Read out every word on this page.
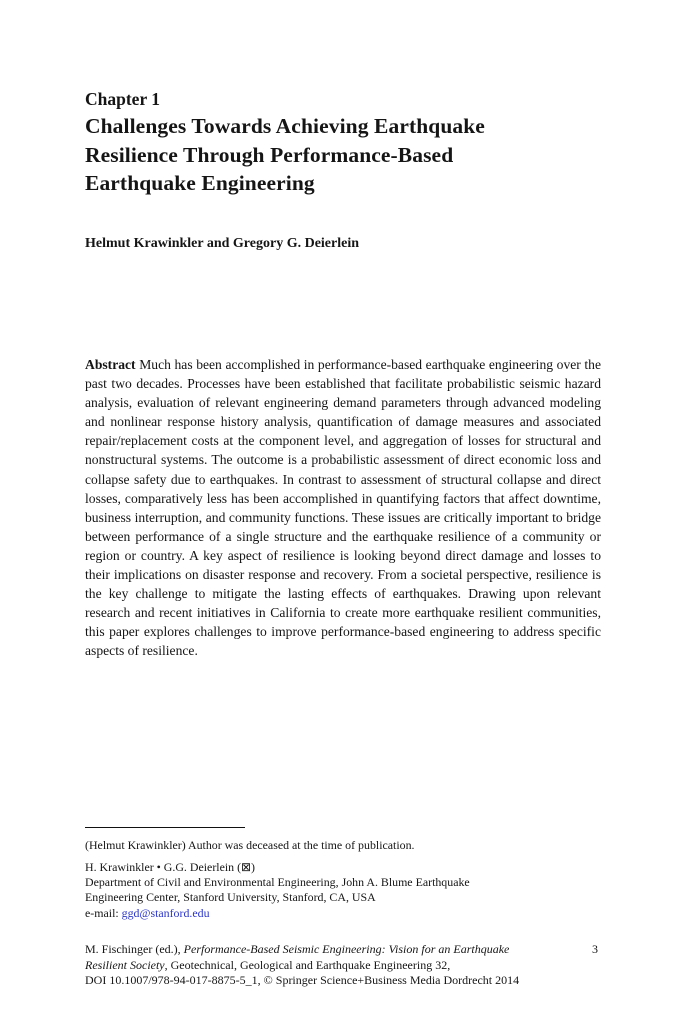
Chapter 1
Challenges Towards Achieving Earthquake
Resilience Through Performance-Based
Earthquake Engineering
Helmut Krawinkler and Gregory G. Deierlein

Abstract Much has been accomplished in performance-based earthquake engineering over the past two decades. Processes have been established that facilitate probabilistic seismic hazard analysis, evaluation of relevant engineering demand parameters through advanced modeling and nonlinear response history analysis, quantification of damage measures and associated repair/replacement costs at the component level, and aggregation of losses for structural and nonstructural systems. The outcome is a probabilistic assessment of direct economic loss and collapse safety due to earthquakes. In contrast to assessment of structural collapse and direct losses, comparatively less has been accomplished in quantifying factors that affect downtime, business interruption, and community functions. These issues are critically important to bridge between performance of a single structure and the earthquake resilience of a community or region or country. A key aspect of resilience is looking beyond direct damage and losses to their implications on disaster response and recovery. From a societal perspective, resilience is the key challenge to mitigate the lasting effects of earthquakes. Drawing upon relevant research and recent initiatives in California to create more earthquake resilient communities, this paper explores challenges to improve performance-based engineering to address specific aspects of resilience.

(Helmut Krawinkler) Author was deceased at the time of publication.
H. Krawinkler • G.G. Deierlein (⊠)
Department of Civil and Environmental Engineering, John A. Blume Earthquake
Engineering Center, Stanford University, Stanford, CA, USA
e-mail: ggd@stanford.edu
M. Fischinger (ed.), Performance-Based Seismic Engineering: Vision for an Earthquake
Resilient Society, Geotechnical, Geological and Earthquake Engineering 32,
DOI 10.1007/978-94-017-8875-5_1, © Springer Science+Business Media Dordrecht 2014
3
